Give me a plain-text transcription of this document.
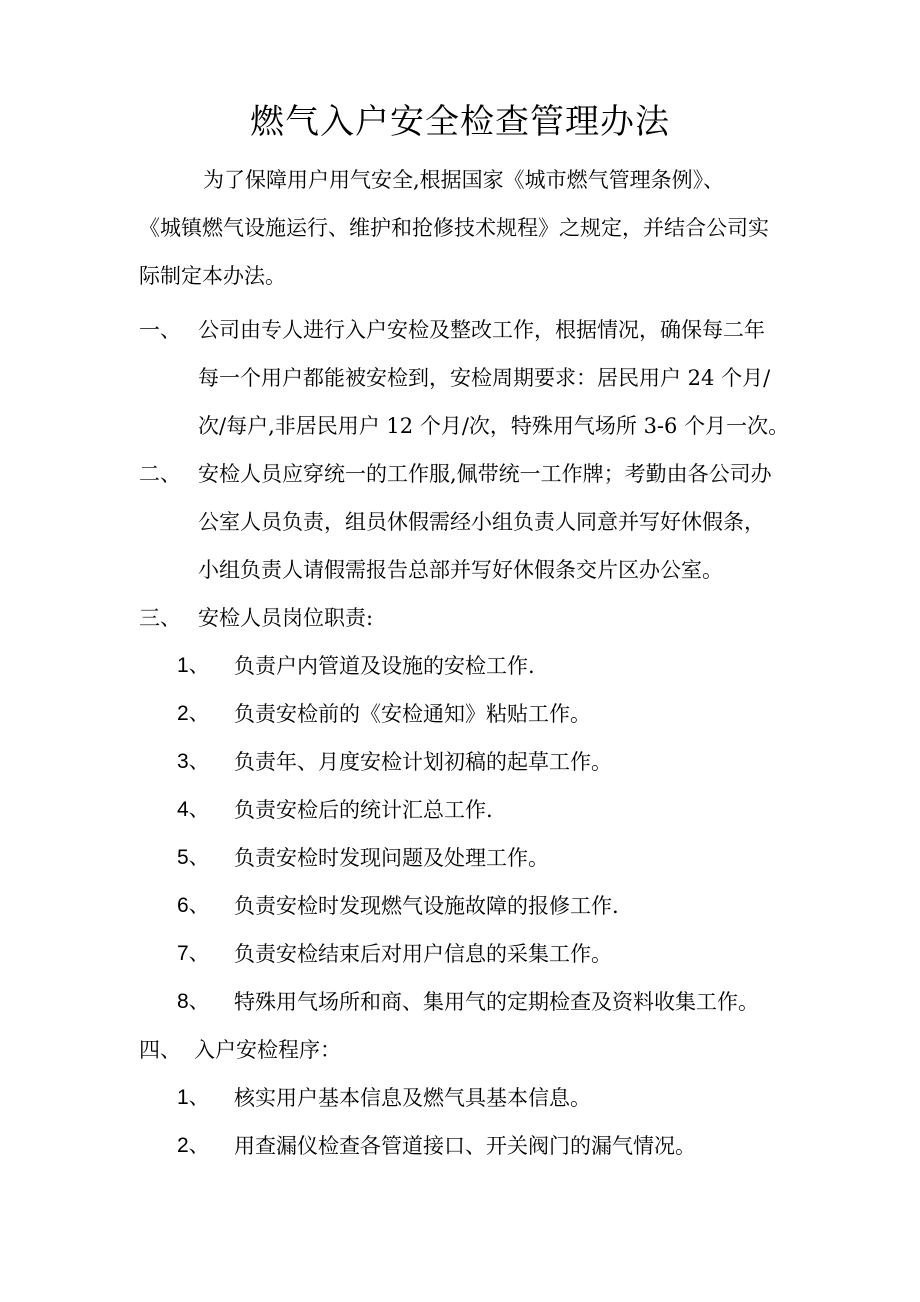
燃气入户安全检查管理办法
为了保障用户用气安全,根据国家《城市燃气管理条例》、
《城镇燃气设施运行、维护和抢修技术规程》之规定，并结合公司实
际制定本办法。
一、 公司由专人进行入户安检及整改工作，根据情况，确保每二年
每一个用户都能被安检到，安检周期要求：居民用户 24 个月/
次/每户,非居民用户 12 个月/次，特殊用气场所 3-6 个月一次。
二、 安检人员应穿统一的工作服,佩带统一工作牌；考勤由各公司办
公室人员负责，组员休假需经小组负责人同意并写好休假条，
小组负责人请假需报告总部并写好休假条交片区办公室。
三、 安检人员岗位职责:
1、 负责户内管道及设施的安检工作.
2、 负责安检前的《安检通知》粘贴工作。
3、 负责年、月度安检计划初稿的起草工作。
4、 负责安检后的统计汇总工作.
5、 负责安检时发现问题及处理工作。
6、 负责安检时发现燃气设施故障的报修工作.
7、 负责安检结束后对用户信息的采集工作。
8、 特殊用气场所和商、集用气的定期检查及资料收集工作。
四、 入户安检程序：
1、 核实用户基本信息及燃气具基本信息。
2、 用查漏仪检查各管道接口、开关阀门的漏气情况。
